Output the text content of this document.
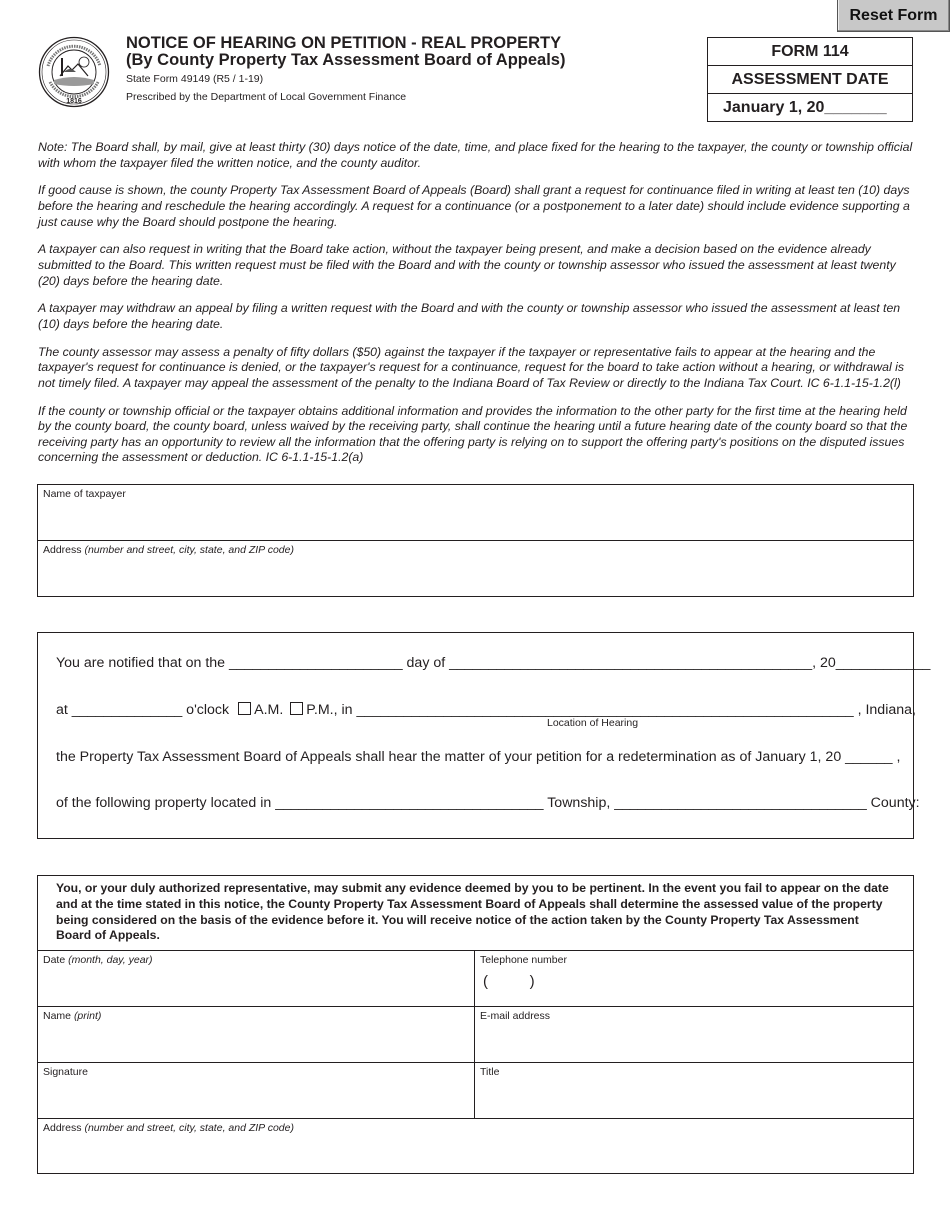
Reset Form
1816
NOTICE OF HEARING ON PETITION - REAL PROPERTY
(By County Property Tax Assessment Board of Appeals)
State Form 49149 (R5 / 1-19)
Prescribed by the Department of Local Government Finance
FORM 114
ASSESSMENT DATE
January 1, 20_______

Note: The Board shall, by mail, give at least thirty (30) days notice of the date, time, and place fixed for the hearing to the taxpayer, the county or township official with whom the taxpayer filed the written notice, and the county auditor.

If good cause is shown, the county Property Tax Assessment Board of Appeals (Board) shall grant a request for continuance filed in writing at least ten (10) days before the hearing and reschedule the hearing accordingly. A request for a continuance (or a postponement to a later date) should include evidence supporting a just cause why the Board should postpone the hearing.

A taxpayer can also request in writing that the Board take action, without the taxpayer being present, and make a decision based on the evidence already submitted to the Board. This written request must be filed with the Board and with the county or township assessor who issued the assessment at least twenty (20) days before the hearing date.

A taxpayer may withdraw an appeal by filing a written request with the Board and with the county or township assessor who issued the assessment at least ten (10) days before the hearing date.

The county assessor may assess a penalty of fifty dollars ($50) against the taxpayer if the taxpayer or representative fails to appear at the hearing and the taxpayer's request for continuance is denied, or the taxpayer's request for a continuance, request for the board to take action without a hearing, or withdrawal is not timely filed. A taxpayer may appeal the assessment of the penalty to the Indiana Board of Tax Review or directly to the Indiana Tax Court. IC 6-1.1-15-1.2(l)

If the county or township official or the taxpayer obtains additional information and provides the information to the other party for the first time at the hearing held by the county board, the county board, unless waived by the receiving party, shall continue the hearing until a future hearing date of the county board so that the receiving party has an opportunity to review all the information that the offering party is relying on to support the offering party's positions on the disputed issues concerning the assessment or deduction. IC 6-1.1-15-1.2(a)

Name of taxpayer
Address (number and street, city, state, and ZIP code)
You are notified that on the ______________________ day of ______________________________________________, 20____________
at ______________ o'clock	A.M.	P.M., in _______________________________________________________________ , Indiana,
Location of Hearing
the Property Tax Assessment Board of Appeals shall hear the matter of your petition for a redetermination as of January 1, 20 ______ ,
of the following property located in __________________________________ Township, ________________________________ County:
You, or your duly authorized representative, may submit any evidence deemed by you to be pertinent. In the event you fail to appear on the date and at the time stated in this notice, the County Property Tax Assessment Board of Appeals shall determine the assessed value of the property being considered on the basis of the evidence before it. You will receive notice of the action taken by the County Property Tax Assessment Board of Appeals.
Date (month, day, year)	Telephone number
(          )
Name (print)	E-mail address
Signature	Title
Address (number and street, city, state, and ZIP code)
